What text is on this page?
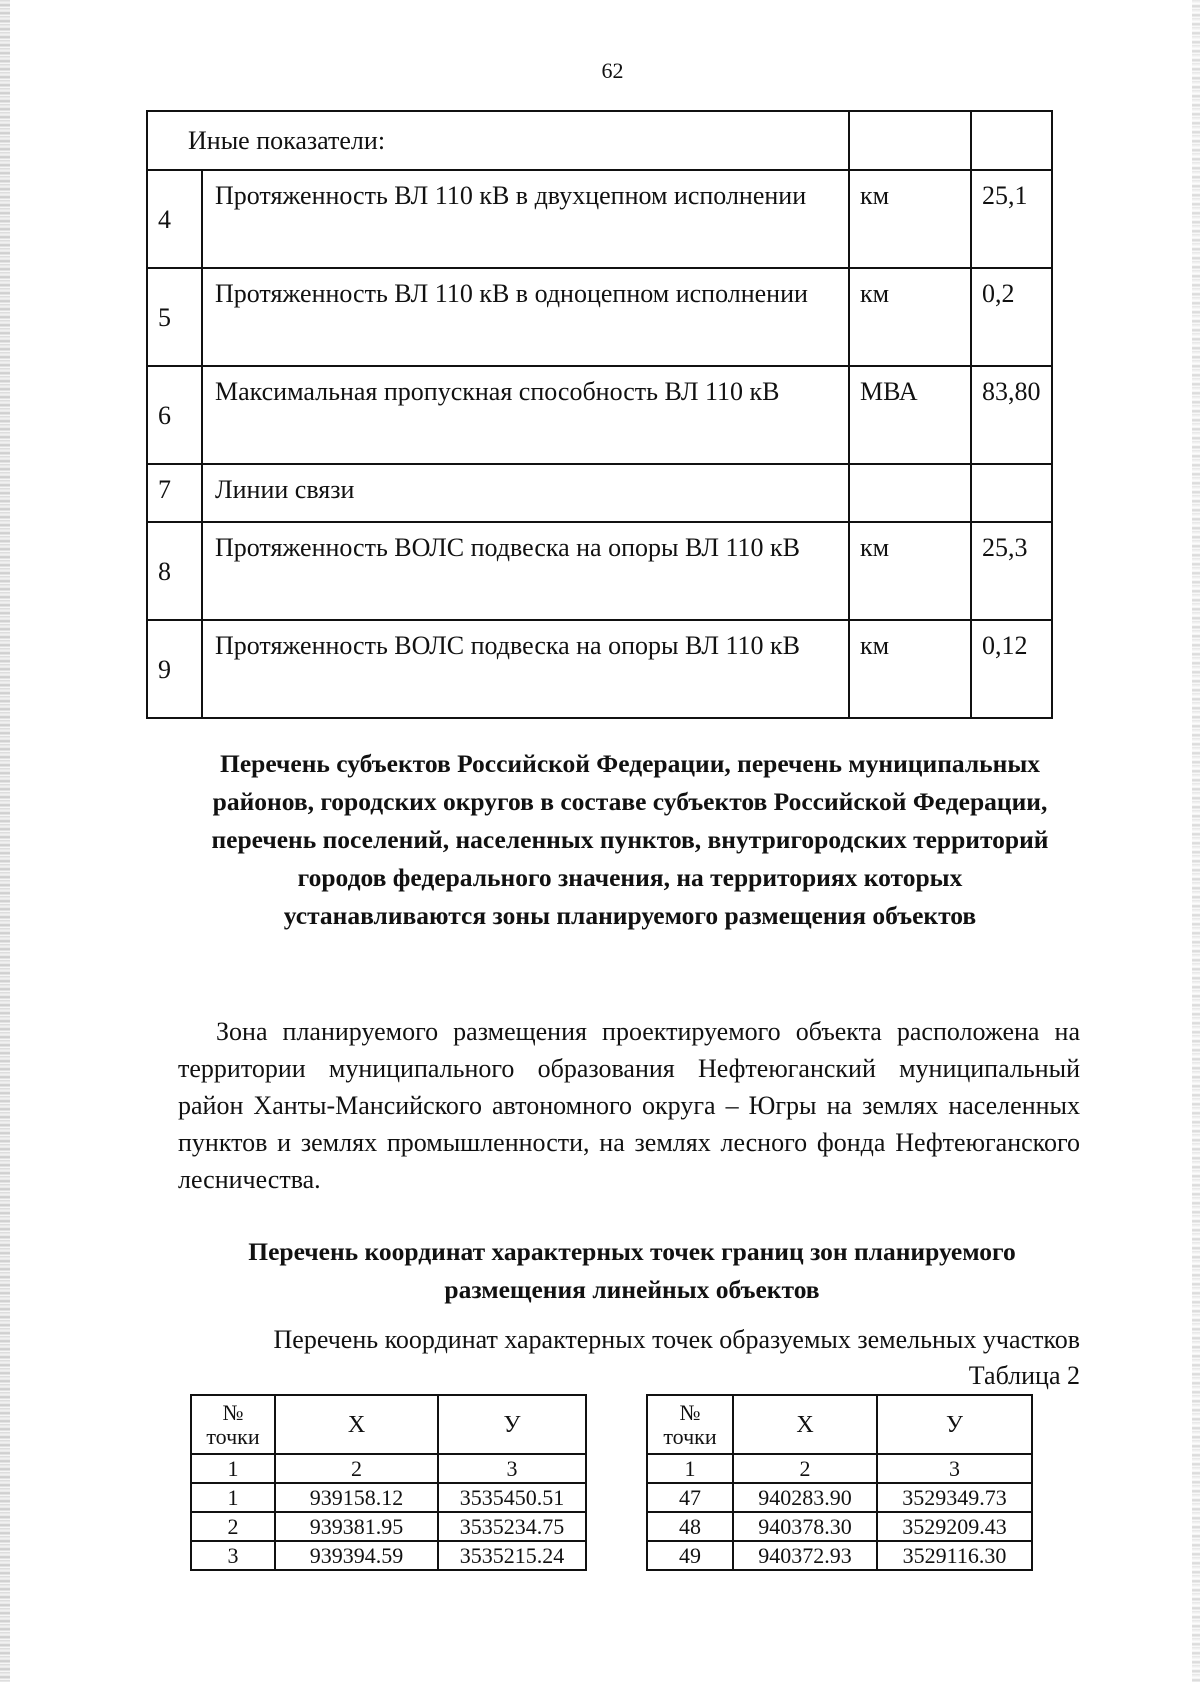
62
Иные показатели:			
4	Протяженность ВЛ 110 кВ в двухцепном исполнении	км	25,1
5	Протяженность ВЛ 110 кВ в одноцепном исполнении	км	0,2
6	Максимальная пропускная способность ВЛ 110 кВ	МВА	83,80
7	Линии связи		
8	Протяженность ВОЛС подвеска на опоры ВЛ 110 кВ	км	25,3
9	Протяженность ВОЛС подвеска на опоры ВЛ 110 кВ	км	0,12
Перечень субъектов Российской Федерации, перечень муниципальных районов, городских округов в составе субъектов Российской Федерации, перечень поселений, населенных пунктов, внутригородских территорий городов федерального значения, на территориях которых устанавливаются зоны планируемого размещения объектов
Зона планируемого размещения проектируемого объекта расположена на территории муниципального образования Нефтеюганский муниципальный район Ханты-Мансийского автономного округа – Югры на землях населенных пунктов и землях промышленности, на землях лесного фонда Нефтеюганского лесничества.
Перечень координат характерных точек границ зон планируемого размещения линейных объектов
Перечень координат характерных точек образуемых земельных участков
Таблица 2
№
точки	Х	У
1	2	3
1	939158.12	3535450.51
2	939381.95	3535234.75
3	939394.59	3535215.24
№
точки	Х	У
1	2	3
47	940283.90	3529349.73
48	940378.30	3529209.43
49	940372.93	3529116.30
